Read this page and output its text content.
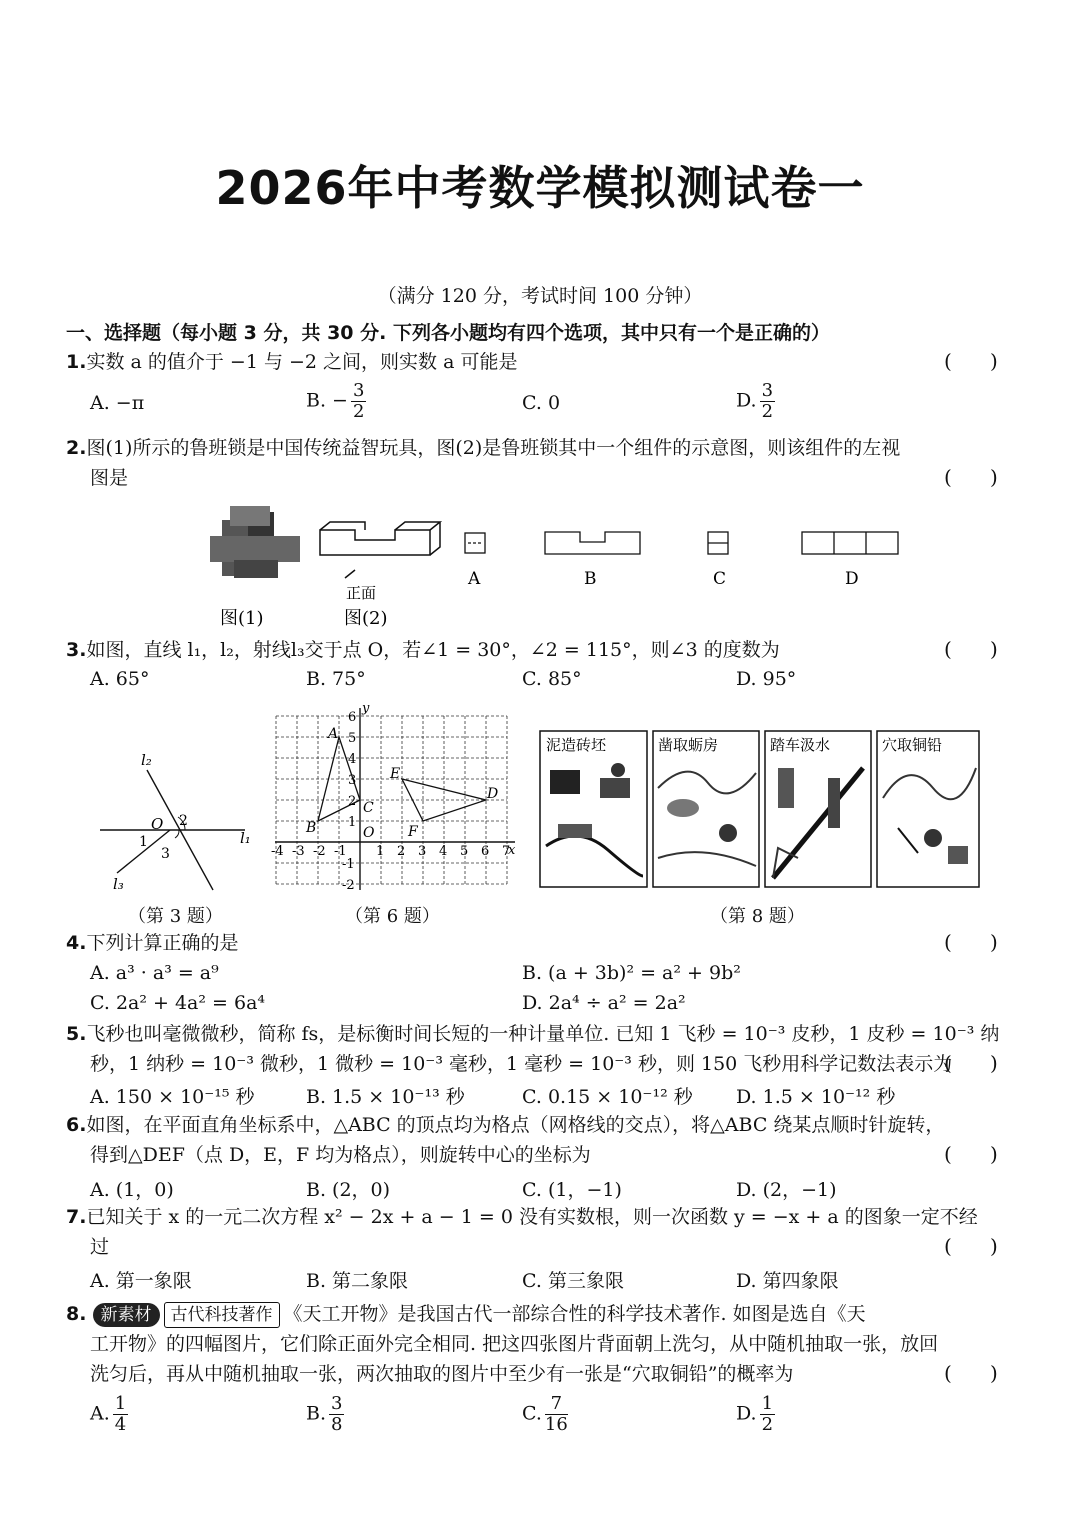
2026年中考数学模拟测试卷一
（满分 120 分，考试时间 100 分钟）
一、选择题（每小题 3 分，共 30 分. 下列各小题均有四个选项，其中只有一个是正确的）
1.实数 a 的值介于 −1 与 −2 之间，则实数 a 可能是	(      )
A. −π	B. − $\frac{3}{2}$	C. 0	D. $\frac{3}{2}$
2.图(1)所示的鲁班锁是中国传统益智玩具，图(2)是鲁班锁其中一个组件的示意图，则该组件的左视
图是	(      )
正面
A	B	C	D
图(1)	图(2)
3.如图，直线 l₁，l₂，射线l₃交于点 O，若∠1 = 30°，∠2 = 115°，则∠3 的度数为	(      )
A. 65°	B. 75°	C. 85°	D. 95°
l₂
l₁
l₃
O 2
1
3
（第 3 题）
y
x
A
B
C
D
E
F
O
-4 -3 -2 -1 1 2 3 4 5 6 7
6
5
4
3
2
1
-1
-2
（第 6 题）
泥造砖坯	凿取蛎房	踏车汲水	穴取铜铅
（第 8 题）
4.下列计算正确的是	(      )
A. a³ · a³ = a⁹	B. (a + 3b)² = a² + 9b²
C. 2a² + 4a² = 6a⁴	D. 2a⁴ ÷ a² = 2a²
5.飞秒也叫毫微微秒，简称 fs，是标衡时间长短的一种计量单位. 已知 1 飞秒 = 10⁻³ 皮秒，1 皮秒 = 10⁻³ 纳
秒，1 纳秒 = 10⁻³ 微秒，1 微秒 = 10⁻³ 毫秒，1 毫秒 = 10⁻³ 秒，则 150 飞秒用科学记数法表示为
(      )
A. 150 × 10⁻¹⁵ 秒	B. 1.5 × 10⁻¹³ 秒	C. 0.15 × 10⁻¹² 秒 D. 1.5 × 10⁻¹² 秒
6.如图，在平面直角坐标系中，△ABC 的顶点均为格点（网格线的交点），将△ABC 绕某点顺时针旋转，
得到△DEF（点 D，E，F 均为格点），则旋转中心的坐标为	(      )
A. (1，0)	B. (2，0)	C. (1，−1)	D. (2，−1)
7.已知关于 x 的一元二次方程 x² − 2x + a − 1 = 0 没有实数根，则一次函数 y = −x + a 的图象一定不经
过	(      )
A. 第一象限	B. 第二象限	C. 第三象限	D. 第四象限
8. 新素材 古代科技著作 《天工开物》是我国古代一部综合性的科学技术著作. 如图是选自《天
工开物》的四幅图片，它们除正面外完全相同. 把这四张图片背面朝上洗匀，从中随机抽取一张，放回
洗匀后，再从中随机抽取一张，两次抽取的图片中至少有一张是“穴取铜铅”的概率为	(      )
A. $\frac{1}{4}$	B. $\frac{3}{8}$	C. $\frac{7}{16}$	D. $\frac{1}{2}$
